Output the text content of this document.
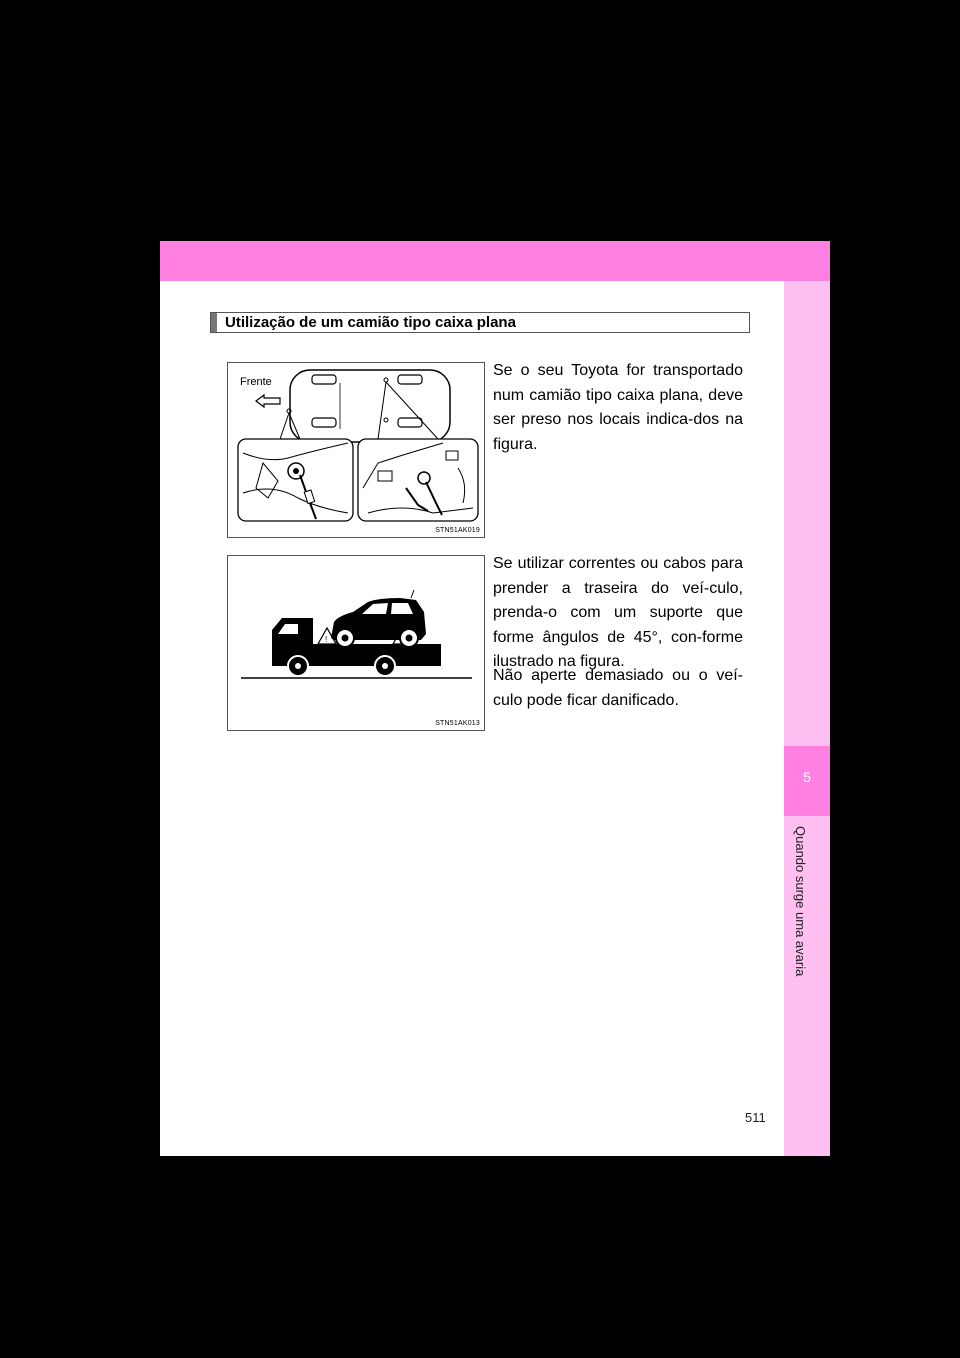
5
Quando surge uma avaria
Utilização de um camião tipo caixa plana
Frente
STN51AK019
!
STN51AK013

Se o seu Toyota for transportado num camião tipo caixa plana, deve ser preso nos locais indica-dos na figura.

Se utilizar correntes ou cabos para prender a traseira do veí-culo, prenda-o com um suporte que forme ângulos de 45°, con-forme ilustrado na figura.

Não aperte demasiado ou o veí-culo pode ficar danificado.

511
